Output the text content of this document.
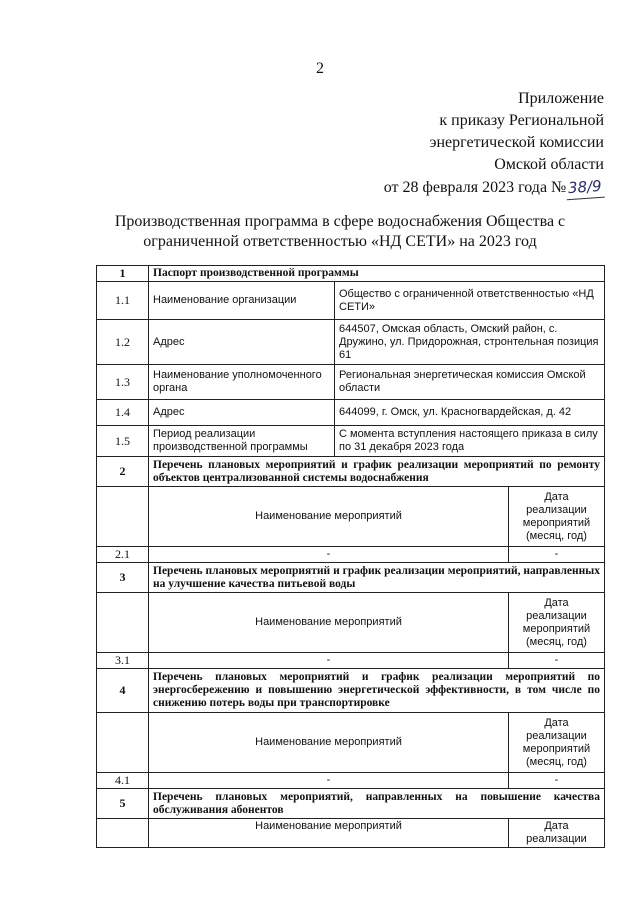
2
Приложение
к приказу Региональной
энергетической комиссии
Омской области
от 28 февраля 2023 года №38/9
Производственная программа в сфере водоснабжения Общества с
ограниченной ответственностью «НД СЕТИ» на 2023 год
1	Паспорт производственной программы		
1.1	Наименование организации	Общество с ограниченной ответственностью «НД СЕТИ»	
1.2	Адрес	644507, Омская область, Омский район, с. Дружино, ул. Придорожная, стронтельная позиция 61	
1.3	Наименование уполномоченного органа	Региональная энергетическая комиссия Омской области	
1.4	Адрес	644099, г. Омск, ул. Красногвардейская, д. 42	
1.5	Период реализации производственной программы	С момента вступления настоящего приказа в силу по 31 декабря 2023 года	
2	Перечень плановых мероприятий и график реализации мероприятий по ремонту объектов централизованной системы водоснабжения		
	Наименование мероприятий		Дата реализации мероприятий (месяц, год)
2.1	-		-
3	Перечень плановых мероприятий и график реализации мероприятий, направленных на улучшение качества питьевой воды		
	Наименование мероприятий		Дата реализации мероприятий (месяц, год)
3.1	-		-
4	Перечень плановых мероприятий и график реализации мероприятий по энергосбережению и повышению энергетической эффективности, в том числе по снижению потерь воды при транспортировке		
	Наименование мероприятий		Дата реализации мероприятий (месяц, год)
4.1	-		-
5	Перечень плановых мероприятий, направленных на повышение качества обслуживания абонентов		
	Наименование мероприятий		Дата реализации
